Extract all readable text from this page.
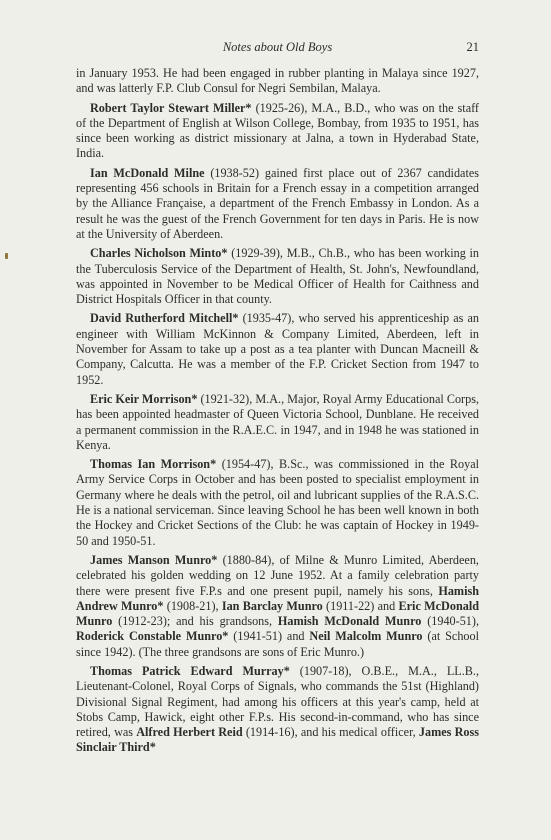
Notes about Old Boys	21

in January 1953. He had been engaged in rubber planting in Malaya since 1927, and was latterly F.P. Club Consul for Negri Sembilan, Malaya.

Robert Taylor Stewart Miller* (1925-26), M.A., B.D., who was on the staff of the Department of English at Wilson College, Bombay, from 1935 to 1951, has since been working as district missionary at Jalna, a town in Hyderabad State, India.

Ian McDonald Milne (1938-52) gained first place out of 2367 candidates representing 456 schools in Britain for a French essay in a competition arranged by the Alliance Française, a department of the French Embassy in London. As a result he was the guest of the French Government for ten days in Paris. He is now at the University of Aberdeen.

Charles Nicholson Minto* (1929-39), M.B., Ch.B., who has been working in the Tuberculosis Service of the Department of Health, St. John's, Newfoundland, was appointed in November to be Medical Officer of Health for Caithness and District Hospitals Officer in that county.

David Rutherford Mitchell* (1935-47), who served his apprenticeship as an engineer with William McKinnon & Company Limited, Aberdeen, left in November for Assam to take up a post as a tea planter with Duncan Macneill & Company, Calcutta. He was a member of the F.P. Cricket Section from 1947 to 1952.

Eric Keir Morrison* (1921-32), M.A., Major, Royal Army Educational Corps, has been appointed headmaster of Queen Victoria School, Dunblane. He received a permanent commission in the R.A.E.C. in 1947, and in 1948 he was stationed in Kenya.

Thomas Ian Morrison* (1954-47), B.Sc., was commissioned in the Royal Army Service Corps in October and has been posted to specialist employment in Germany where he deals with the petrol, oil and lubricant supplies of the R.A.S.C. He is a national serviceman. Since leaving School he has been well known in both the Hockey and Cricket Sections of the Club: he was captain of Hockey in 1949-50 and 1950-51.

James Manson Munro* (1880-84), of Milne & Munro Limited, Aberdeen, celebrated his golden wedding on 12 June 1952. At a family celebration party there were present five F.P.s and one present pupil, namely his sons, Hamish Andrew Munro* (1908-21), Ian Barclay Munro (1911-22) and Eric McDonald Munro (1912-23); and his grandsons, Hamish McDonald Munro (1940-51), Roderick Constable Munro* (1941-51) and Neil Malcolm Munro (at School since 1942). (The three grandsons are sons of Eric Munro.)

Thomas Patrick Edward Murray* (1907-18), O.B.E., M.A., LL.B., Lieutenant-Colonel, Royal Corps of Signals, who commands the 51st (Highland) Divisional Signal Regiment, had among his officers at this year's camp, held at Stobs Camp, Hawick, eight other F.P.s. His second-in-command, who has since retired, was Alfred Herbert Reid (1914-16), and his medical officer, James Ross Sinclair Third*
